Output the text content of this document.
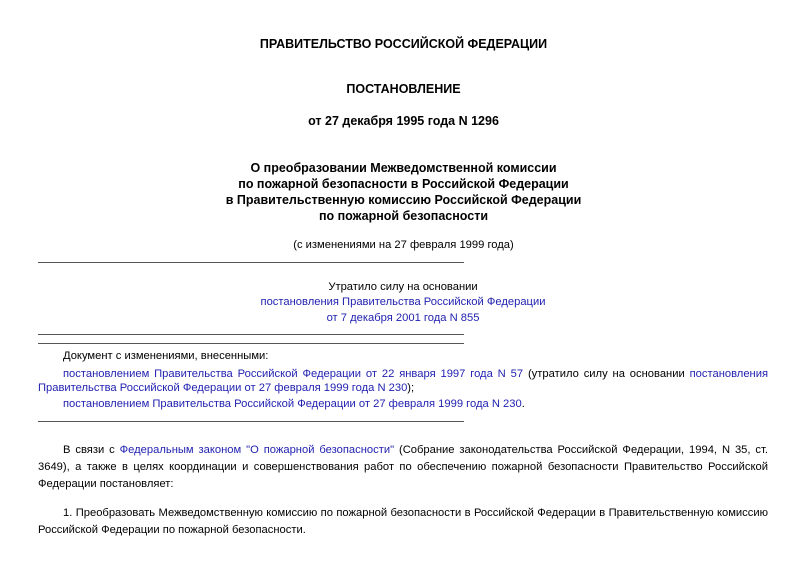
ПРАВИТЕЛЬСТВО РОССИЙСКОЙ ФЕДЕРАЦИИ
ПОСТАНОВЛЕНИЕ
от 27 декабря 1995 года N 1296
О преобразовании Межведомственной комиссии
по пожарной безопасности в Российской Федерации
в Правительственную комиссию Российской Федерации
по пожарной безопасности
(с изменениями на 27 февраля 1999 года)
Утратило силу на основании
постановления Правительства Российской Федерации
от 7 декабря 2001 года N 855
Документ с изменениями, внесенными:
постановлением Правительства Российской Федерации от 22 января 1997 года N 57 (утратило силу на основании постановления
Правительства Российской Федерации от 27 февраля 1999 года N 230);
постановлением Правительства Российской Федерации от 27 февраля 1999 года N 230.
В связи с Федеральным законом "О пожарной безопасности" (Собрание законодательства Российской Федерации, 1994, N 35, ст. 3649), а также в целях координации и совершенствования работ по обеспечению пожарной безопасности Правительство Российской Федерации постановляет:
1. Преобразовать Межведомственную комиссию по пожарной безопасности в Российской Федерации в Правительственную комиссию Российской Федерации по пожарной безопасности.
